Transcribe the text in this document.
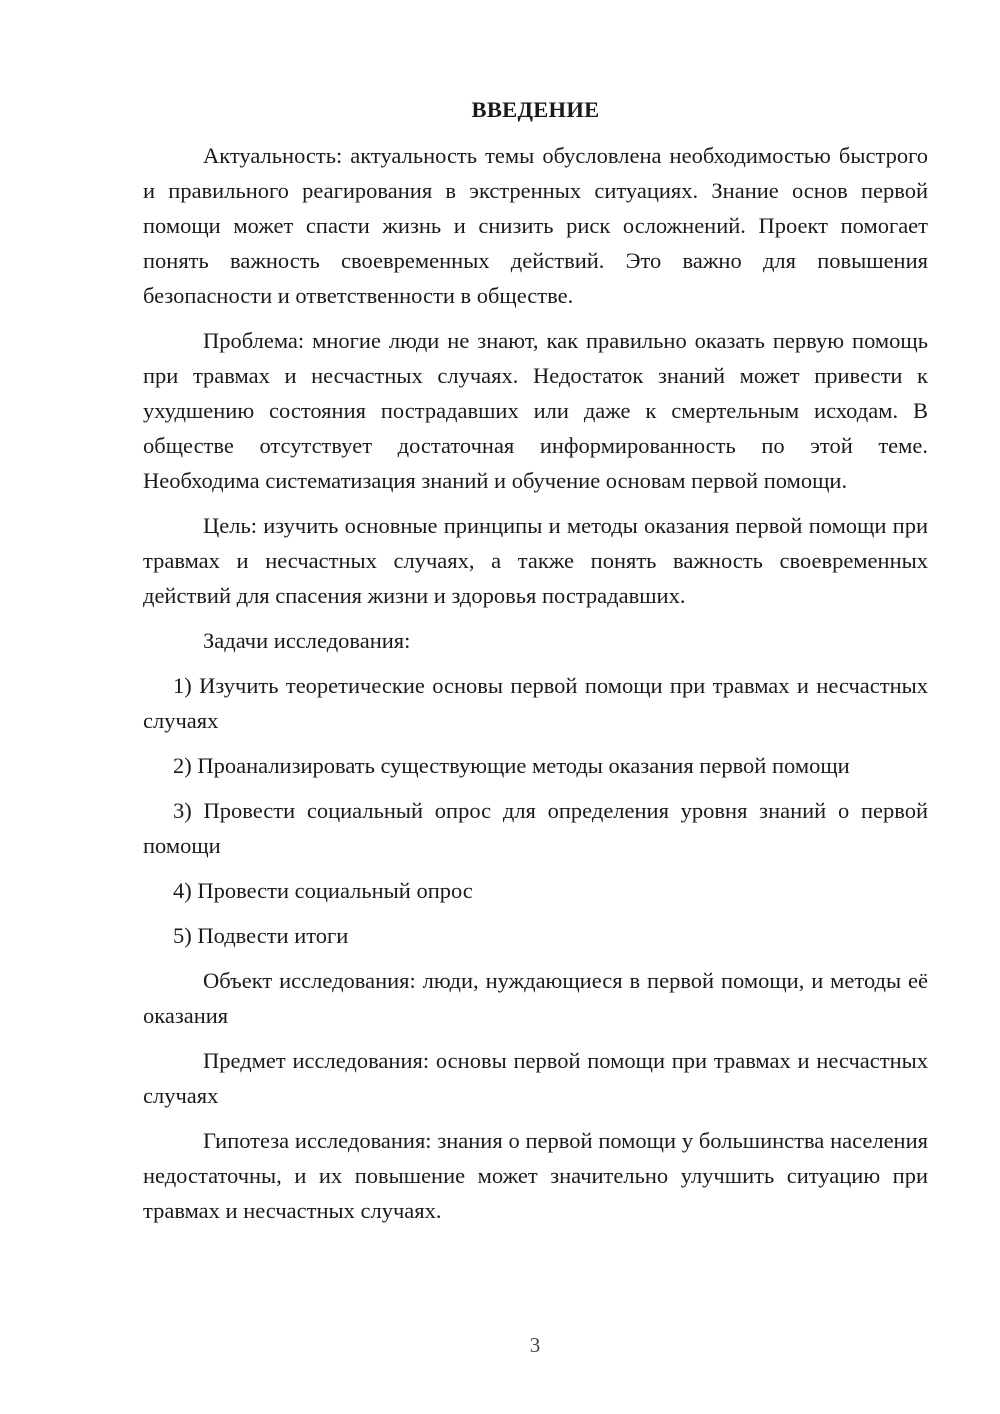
ВВЕДЕНИЕ

Актуальность: актуальность темы обусловлена необходимостью быстрого и правильного реагирования в экстренных ситуациях. Знание основ первой помощи может спасти жизнь и снизить риск осложнений. Проект помогает понять важность своевременных действий. Это важно для повышения безопасности и ответственности в обществе.

Проблема: многие люди не знают, как правильно оказать первую помощь при травмах и несчастных случаях. Недостаток знаний может привести к ухудшению состояния пострадавших или даже к смертельным исходам. В обществе отсутствует достаточная информированность по этой теме. Необходима систематизация знаний и обучение основам первой помощи.

Цель: изучить основные принципы и методы оказания первой помощи при травмах и несчастных случаях, а также понять важность своевременных действий для спасения жизни и здоровья пострадавших.

Задачи исследования:

1) Изучить теоретические основы первой помощи при травмах и несчастных случаях

2) Проанализировать существующие методы оказания первой помощи

3) Провести социальный опрос для определения уровня знаний о первой помощи

4) Провести социальный опрос

5) Подвести итоги

Объект исследования: люди, нуждающиеся в первой помощи, и методы её оказания

Предмет исследования: основы первой помощи при травмах и несчастных случаях

Гипотеза исследования: знания о первой помощи у большинства населения недостаточны, и их повышение может значительно улучшить ситуацию при травмах и несчастных случаях.

3
